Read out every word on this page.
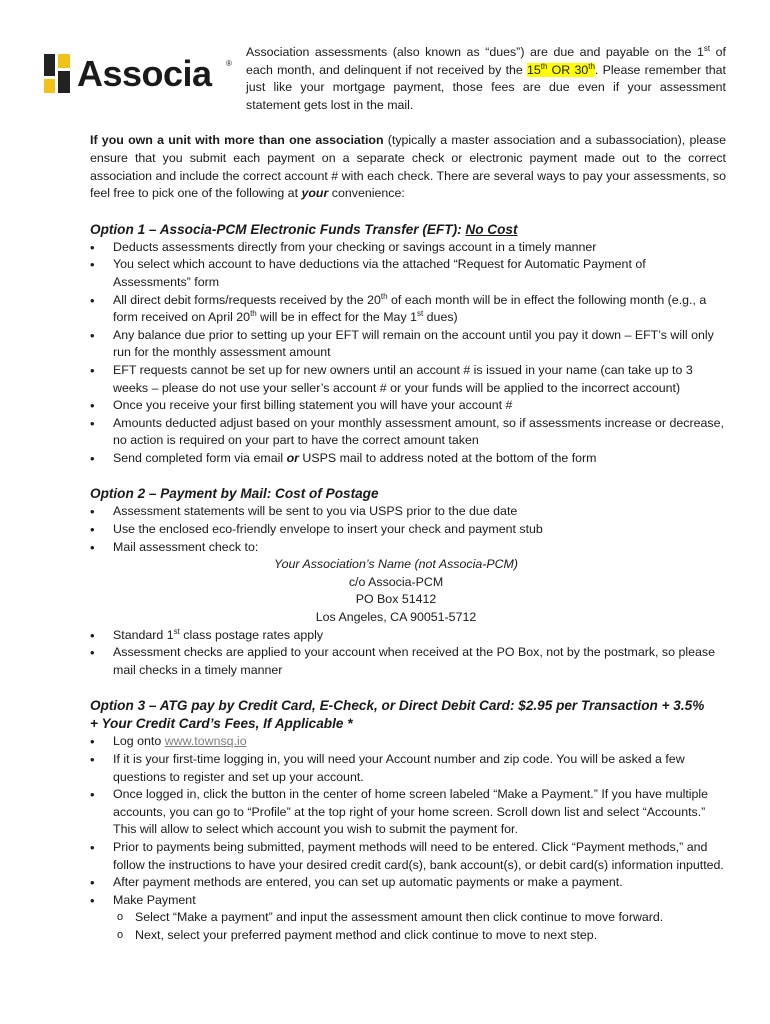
Associa ®

Association assessments (also known as “dues”) are due and payable on the 1st of each month, and delinquent if not received by the 15th OR 30th. Please remember that just like your mortgage payment, those fees are due even if your assessment statement gets lost in the mail.

If you own a unit with more than one association (typically a master association and a subassociation), please ensure that you submit each payment on a separate check or electronic payment made out to the correct association and include the correct account # with each check. There are several ways to pay your assessments, so feel free to pick one of the following at your convenience:

Option 1 – Associa-PCM Electronic Funds Transfer (EFT): No Cost
• Deducts assessments directly from your checking or savings account in a timely manner
• You select which account to have deductions via the attached “Request for Automatic Payment of Assessments” form
• All direct debit forms/requests received by the 20th of each month will be in effect the following month (e.g., a form received on April 20th will be in effect for the May 1st dues)
• Any balance due prior to setting up your EFT will remain on the account until you pay it down – EFT’s will only run for the monthly assessment amount
• EFT requests cannot be set up for new owners until an account # is issued in your name (can take up to 3 weeks – please do not use your seller’s account # or your funds will be applied to the incorrect account)
• Once you receive your first billing statement you will have your account #
• Amounts deducted adjust based on your monthly assessment amount, so if assessments increase or decrease, no action is required on your part to have the correct amount taken
• Send completed form via email or USPS mail to address noted at the bottom of the form
Option 2 – Payment by Mail: Cost of Postage
• Assessment statements will be sent to you via USPS prior to the due date
• Use the enclosed eco-friendly envelope to insert your check and payment stub
• Mail assessment check to:
Your Association’s Name (not Associa-PCM)
c/o Associa-PCM
PO Box 51412
Los Angeles, CA 90051-5712
• Standard 1st class postage rates apply
• Assessment checks are applied to your account when received at the PO Box, not by the postmark, so please mail checks in a timely manner
Option 3 – ATG pay by Credit Card, E-Check, or Direct Debit Card: $2.95 per Transaction + 3.5%
+ Your Credit Card’s Fees, If Applicable *
• Log onto www.townsq.io
• If it is your first-time logging in, you will need your Account number and zip code. You will be asked a few questions to register and set up your account.
• Once logged in, click the button in the center of home screen labeled “Make a Payment.” If you have multiple accounts, you can go to “Profile” at the top right of your home screen. Scroll down list and select “Accounts.” This will allow to select which account you wish to submit the payment for.
• Prior to payments being submitted, payment methods will need to be entered. Click “Payment methods,” and follow the instructions to have your desired credit card(s), bank account(s), or debit card(s) information inputted.
• After payment methods are entered, you can set up automatic payments or make a payment.
• Make Payment
o Select “Make a payment” and input the assessment amount then click continue to move forward.
o Next, select your preferred payment method and click continue to move to next step.
